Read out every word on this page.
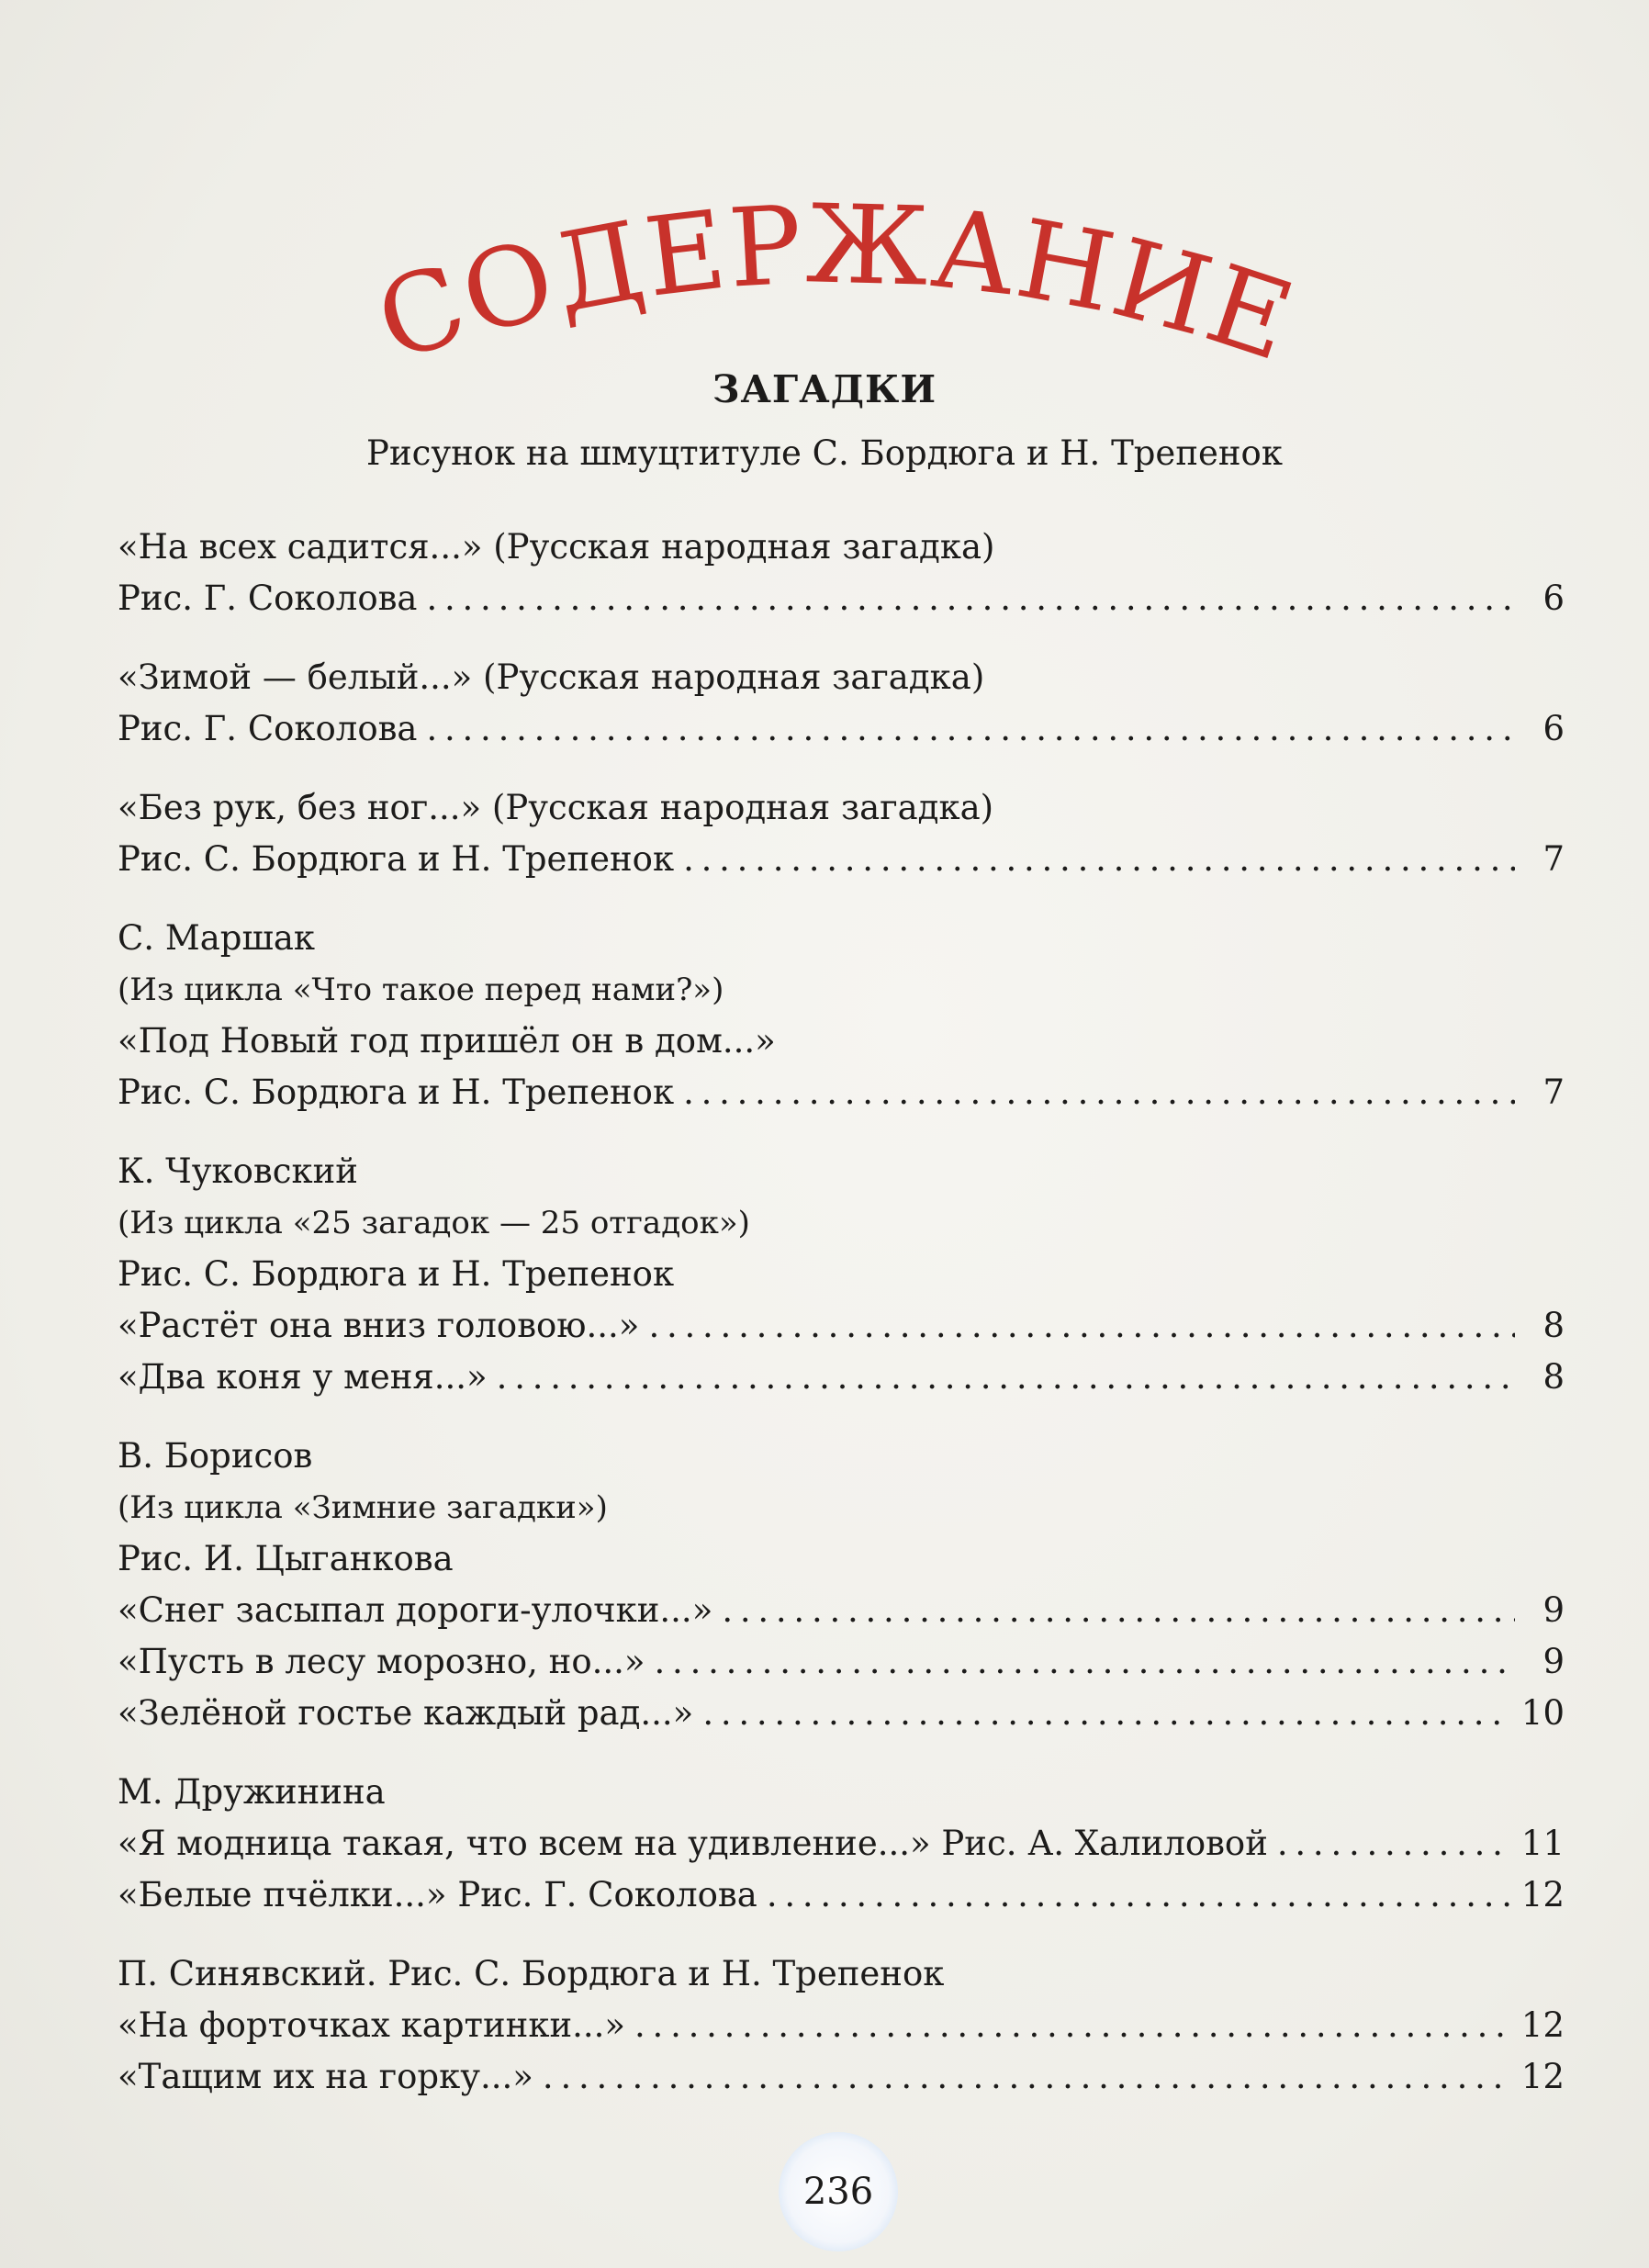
СОДЕРЖАНИЕ
ЗАГАДКИ
Рисунок на шмуцтитуле С. Бордюга и Н. Трепенок
«На всех садится...» (Русская народная загадка)
Рис. Г. Соколова . . .	6
«Зимой — белый...» (Русская народная загадка)
Рис. Г. Соколова . . .	6
«Без рук, без ног...» (Русская народная загадка)
Рис. С. Бордюга и Н. Трепенок . . .	7
С. Маршак
(Из цикла «Что такое перед нами?»)
«Под Новый год пришёл он в дом...»
Рис. С. Бордюга и Н. Трепенок . . .	7
К. Чуковский
(Из цикла «25 загадок — 25 отгадок»)
Рис. С. Бордюга и Н. Трепенок
«Растёт она вниз головою...» . . .	8
«Два коня у меня...» . . .	8
В. Борисов
(Из цикла «Зимние загадки»)
Рис. И. Цыганкова
«Снег засыпал дороги-улочки...» . . .	9
«Пусть в лесу морозно, но...» . . .	9
«Зелёной гостье каждый рад...» . . .	10
М. Дружинина
«Я модница такая, что всем на удивление...» Рис. А. Халиловой . . .	11
«Белые пчёлки...» Рис. Г. Соколова . . .	12
П. Синявский. Рис. С. Бордюга и Н. Трепенок
«На форточках картинки...» . . .	12
«Тащим их на горку...» . . .	12
236
